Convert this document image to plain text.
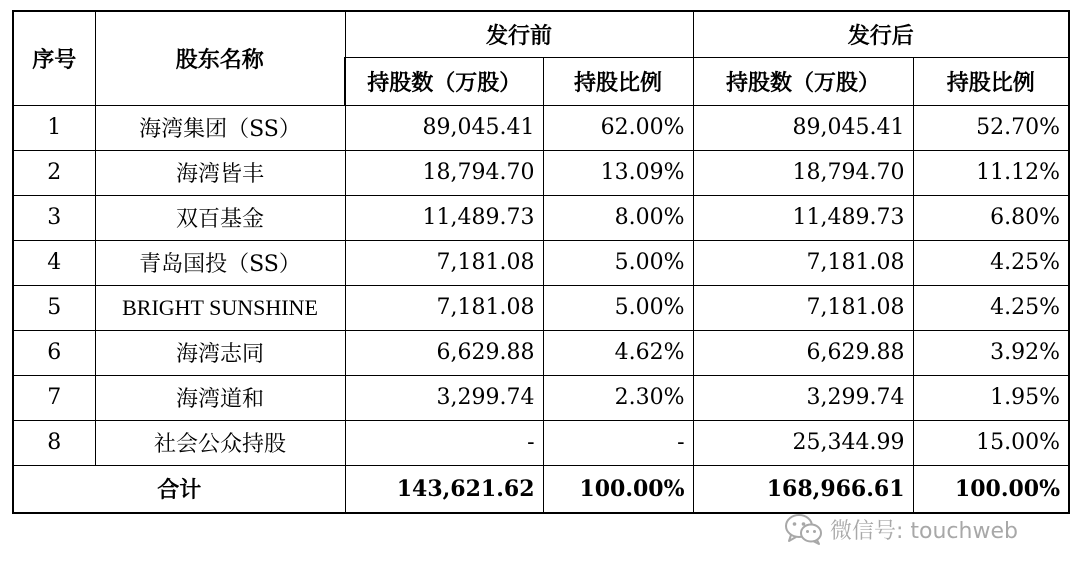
序号	股东名称	发行前		发行后	
		持股数（万股）	持股比例	持股数（万股）	持股比例
1	海湾集团（SS）	89,045.41	62.00%	89,045.41	52.70%
2	海湾皆丰	18,794.70	13.09%	18,794.70	11.12%
3	双百基金	11,489.73	8.00%	11,489.73	6.80%
4	青岛国投（SS）	7,181.08	5.00%	7,181.08	4.25%
5	BRIGHT SUNSHINE	7,181.08	5.00%	7,181.08	4.25%
6	海湾志同	6,629.88	4.62%	6,629.88	3.92%
7	海湾道和	3,299.74	2.30%	3,299.74	1.95%
8	社会公众持股	-	-	25,344.99	15.00%
合计		143,621.62	100.00%	168,966.61	100.00%
微信号: touchweb
